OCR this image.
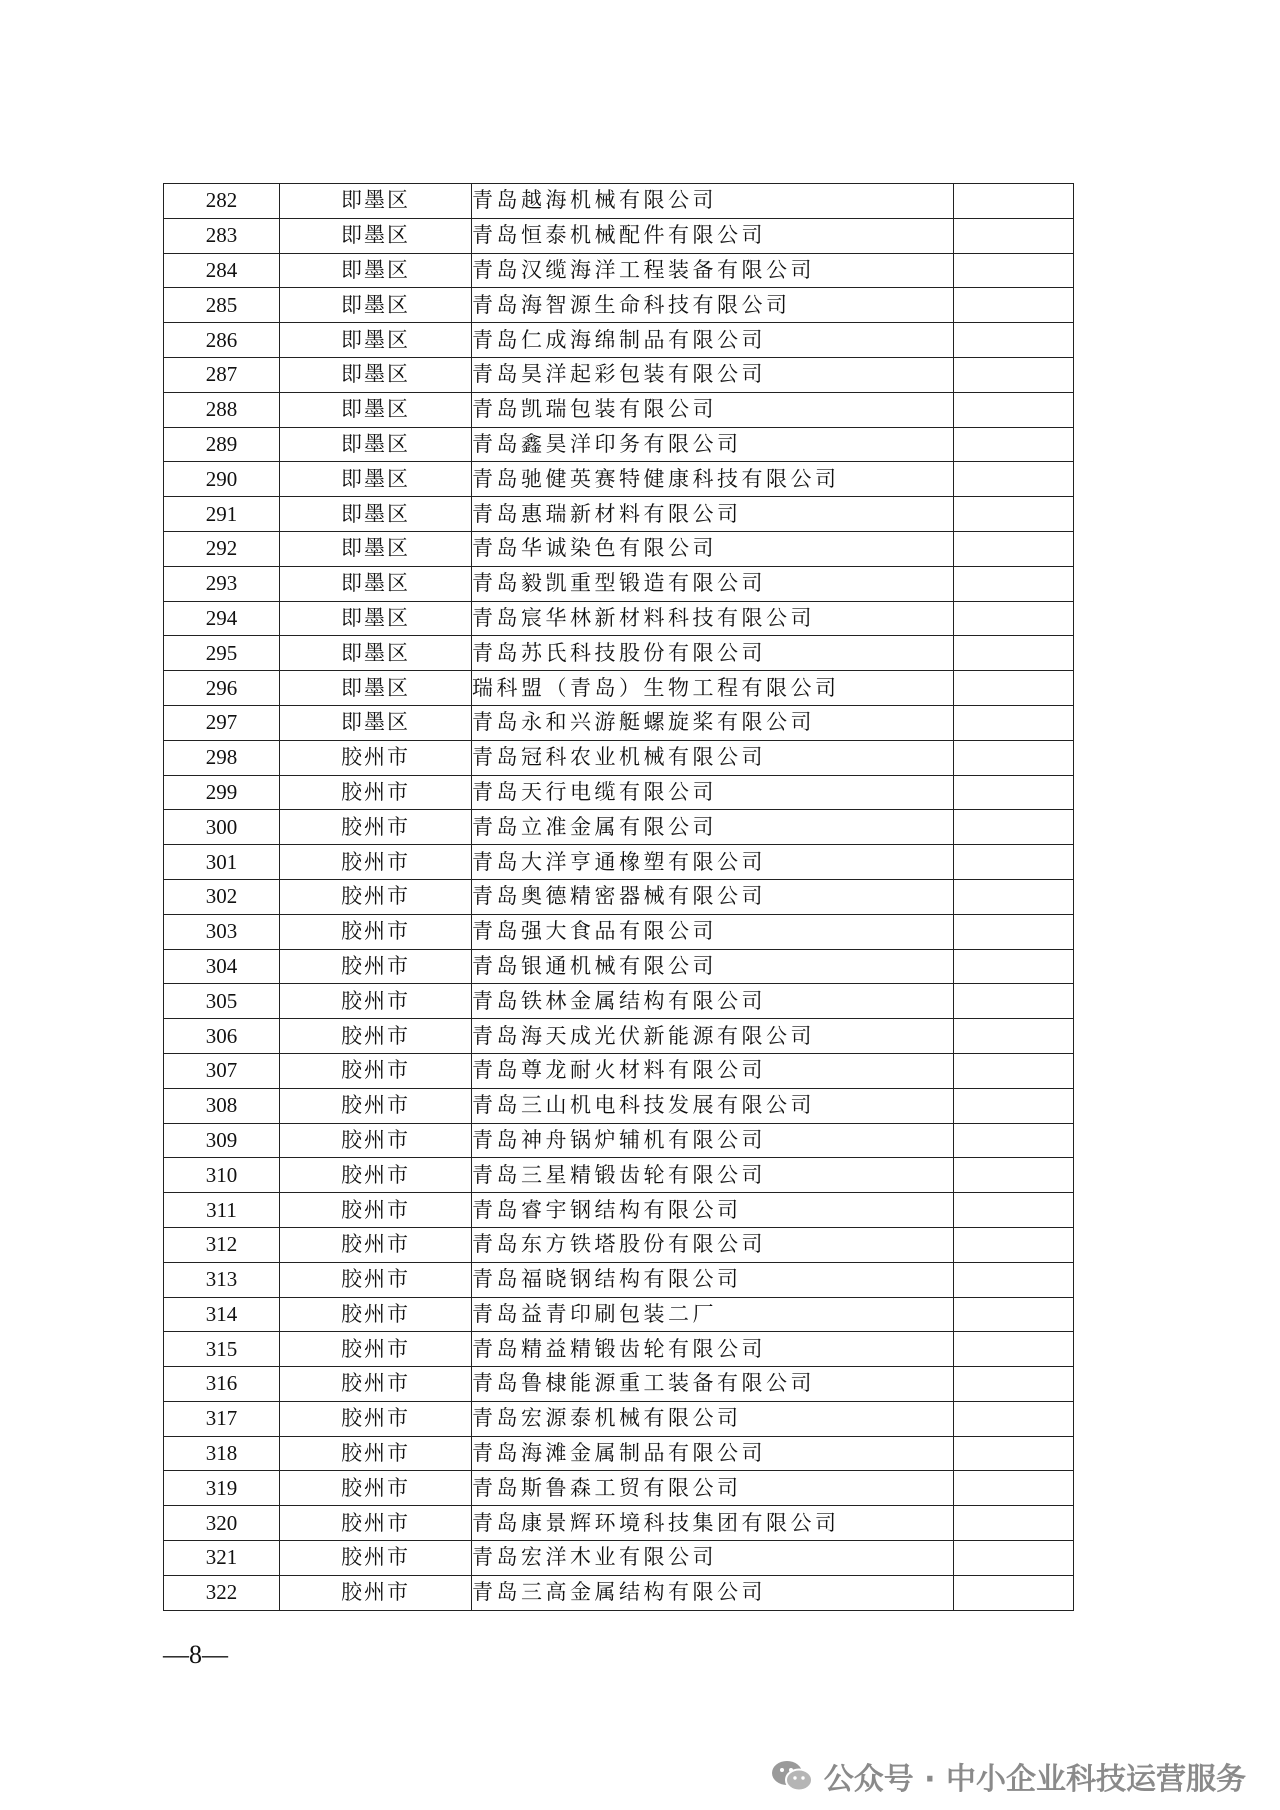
282	即墨区	青岛越海机械有限公司	
283	即墨区	青岛恒泰机械配件有限公司	
284	即墨区	青岛汉缆海洋工程装备有限公司	
285	即墨区	青岛海智源生命科技有限公司	
286	即墨区	青岛仁成海绵制品有限公司	
287	即墨区	青岛昊洋起彩包装有限公司	
288	即墨区	青岛凯瑞包装有限公司	
289	即墨区	青岛鑫昊洋印务有限公司	
290	即墨区	青岛驰健英赛特健康科技有限公司	
291	即墨区	青岛惠瑞新材料有限公司	
292	即墨区	青岛华诚染色有限公司	
293	即墨区	青岛毅凯重型锻造有限公司	
294	即墨区	青岛宸华林新材料科技有限公司	
295	即墨区	青岛苏氏科技股份有限公司	
296	即墨区	瑞科盟（青岛）生物工程有限公司	
297	即墨区	青岛永和兴游艇螺旋桨有限公司	
298	胶州市	青岛冠科农业机械有限公司	
299	胶州市	青岛天行电缆有限公司	
300	胶州市	青岛立准金属有限公司	
301	胶州市	青岛大洋亨通橡塑有限公司	
302	胶州市	青岛奥德精密器械有限公司	
303	胶州市	青岛强大食品有限公司	
304	胶州市	青岛银通机械有限公司	
305	胶州市	青岛铁林金属结构有限公司	
306	胶州市	青岛海天成光伏新能源有限公司	
307	胶州市	青岛尊龙耐火材料有限公司	
308	胶州市	青岛三山机电科技发展有限公司	
309	胶州市	青岛神舟锅炉辅机有限公司	
310	胶州市	青岛三星精锻齿轮有限公司	
311	胶州市	青岛睿宇钢结构有限公司	
312	胶州市	青岛东方铁塔股份有限公司	
313	胶州市	青岛福晓钢结构有限公司	
314	胶州市	青岛益青印刷包装二厂	
315	胶州市	青岛精益精锻齿轮有限公司	
316	胶州市	青岛鲁棣能源重工装备有限公司	
317	胶州市	青岛宏源泰机械有限公司	
318	胶州市	青岛海滩金属制品有限公司	
319	胶州市	青岛斯鲁森工贸有限公司	
320	胶州市	青岛康景辉环境科技集团有限公司	
321	胶州市	青岛宏洋木业有限公司	
322	胶州市	青岛三高金属结构有限公司	
—8—
公众号 · 中小企业科技运营服务
